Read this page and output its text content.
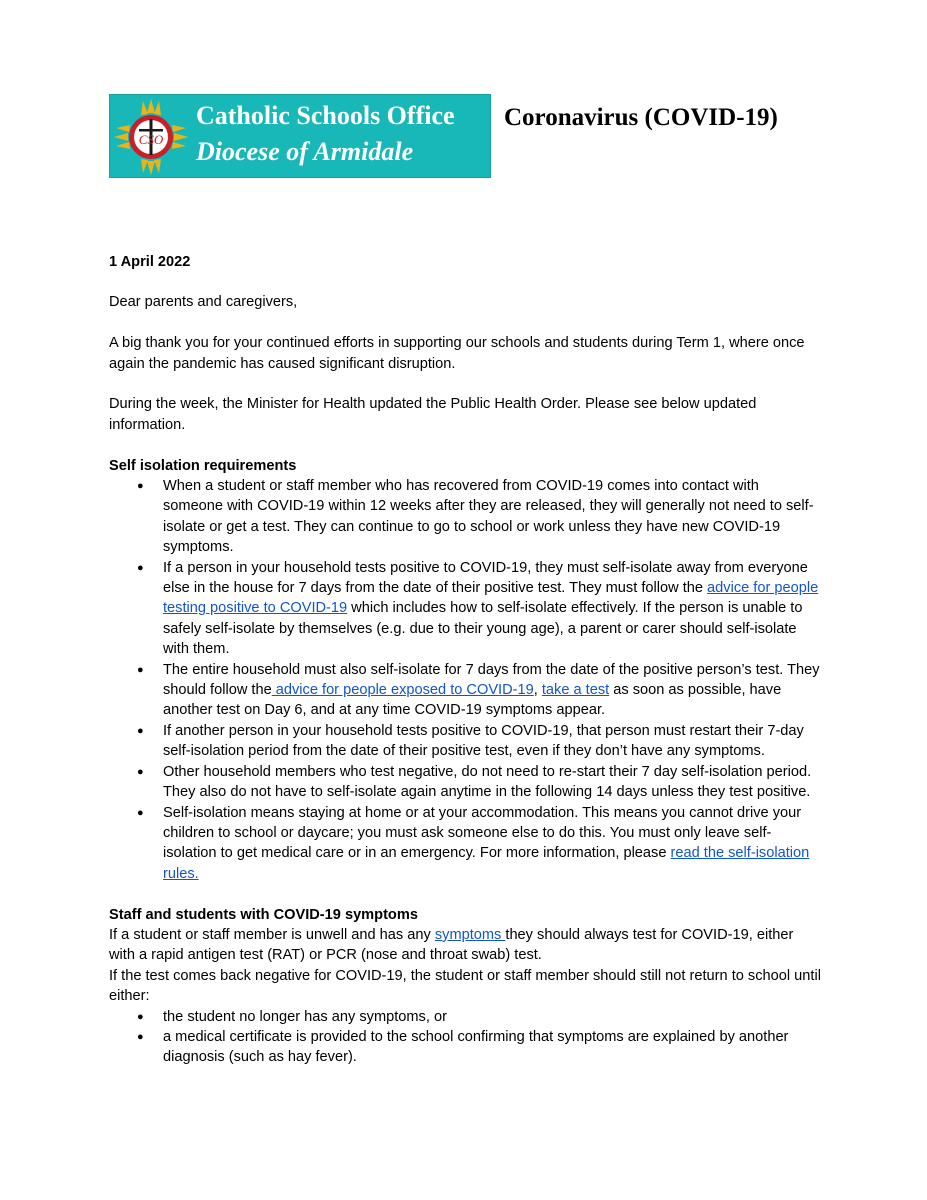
CSO
Catholic Schools Office
Diocese of Armidale
Coronavirus (COVID-19)
1 April 2022

Dear parents and caregivers,

A big thank you for your continued efforts in supporting our schools and students during Term 1, where once again the pandemic has caused significant disruption.

During the week, the Minister for Health updated the Public Health Order. Please see below updated information.

Self isolation requirements
● When a student or staff member who has recovered from COVID-19 comes into contact with someone with COVID-19 within 12 weeks after they are released, they will generally not need to self-isolate or get a test. They can continue to go to school or work unless they have new COVID-19 symptoms.
● If a person in your household tests positive to COVID-19, they must self-isolate away from everyone else in the house for 7 days from the date of their positive test. They must follow the advice for people testing positive to COVID-19 which includes how to self-isolate effectively. If the person is unable to safely self-isolate by themselves (e.g. due to their young age), a parent or carer should self-isolate with them.
● The entire household must also self-isolate for 7 days from the date of the positive person’s test. They should follow the advice for people exposed to COVID-19, take a test as soon as possible, have another test on Day 6, and at any time COVID-19 symptoms appear.
● If another person in your household tests positive to COVID-19, that person must restart their 7-day self-isolation period from the date of their positive test, even if they don’t have any symptoms.
● Other household members who test negative, do not need to re-start their 7 day self-isolation period. They also do not have to self-isolate again anytime in the following 14 days unless they test positive.
● Self-isolation means staying at home or at your accommodation. This means you cannot drive your children to school or daycare; you must ask someone else to do this. You must only leave self-isolation to get medical care or in an emergency. For more information, please read the self-isolation rules.
Staff and students with COVID-19 symptoms
If a student or staff member is unwell and has any symptoms they should always test for COVID-19, either with a rapid antigen test (RAT) or PCR (nose and throat swab) test.
If the test comes back negative for COVID-19, the student or staff member should still not return to school until either:
● the student no longer has any symptoms, or
● a medical certificate is provided to the school confirming that symptoms are explained by another diagnosis (such as hay fever).
